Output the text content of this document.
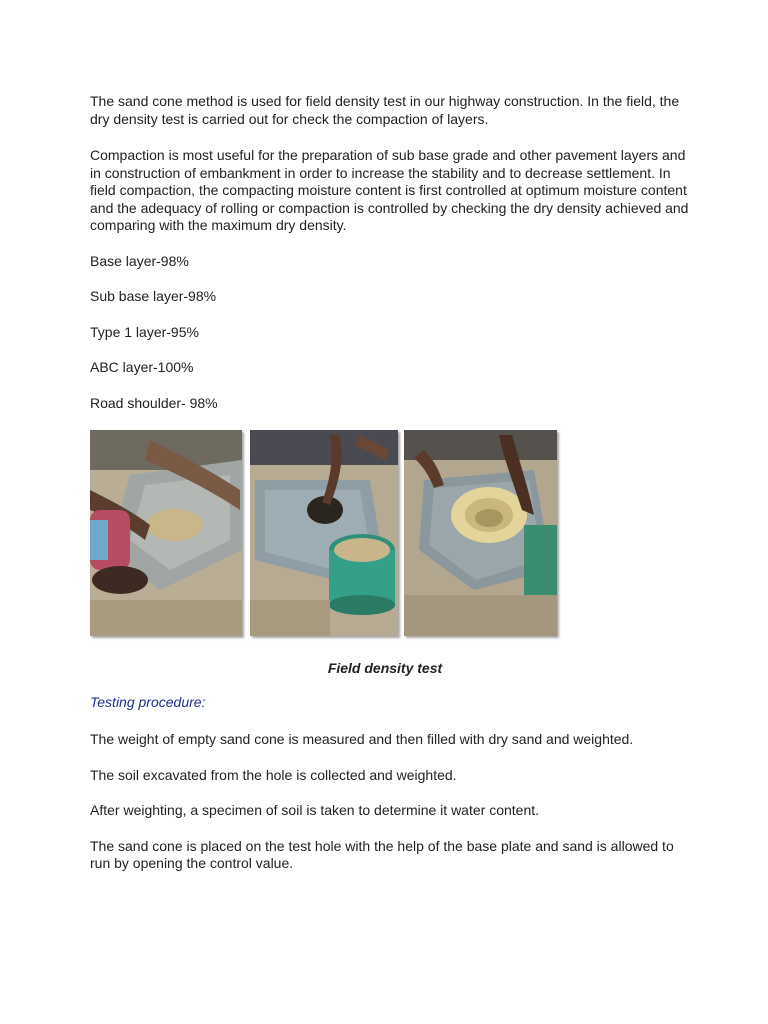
The sand cone method is used for field density test in our highway construction. In the field, the dry density test is carried out for check the compaction of layers.

Compaction is most useful for the preparation of sub base grade and other pavement layers and in construction of embankment in order to increase the stability and to decrease settlement. In field compaction, the compacting moisture content is first controlled at optimum moisture content and the adequacy of rolling or compaction is controlled by checking the dry density achieved and comparing with the maximum dry density.

Base layer-98%

Sub base layer-98%

Type 1 layer-95%

ABC layer-100%

Road shoulder- 98%

Field density test

Testing procedure:

The weight of empty sand cone is measured and then filled with dry sand and weighted.

The soil excavated from the hole is collected and weighted.

After weighting, a specimen of soil is taken to determine it water content.

The sand cone is placed on the test hole with the help of the base plate and sand is allowed to run by opening the control value.
